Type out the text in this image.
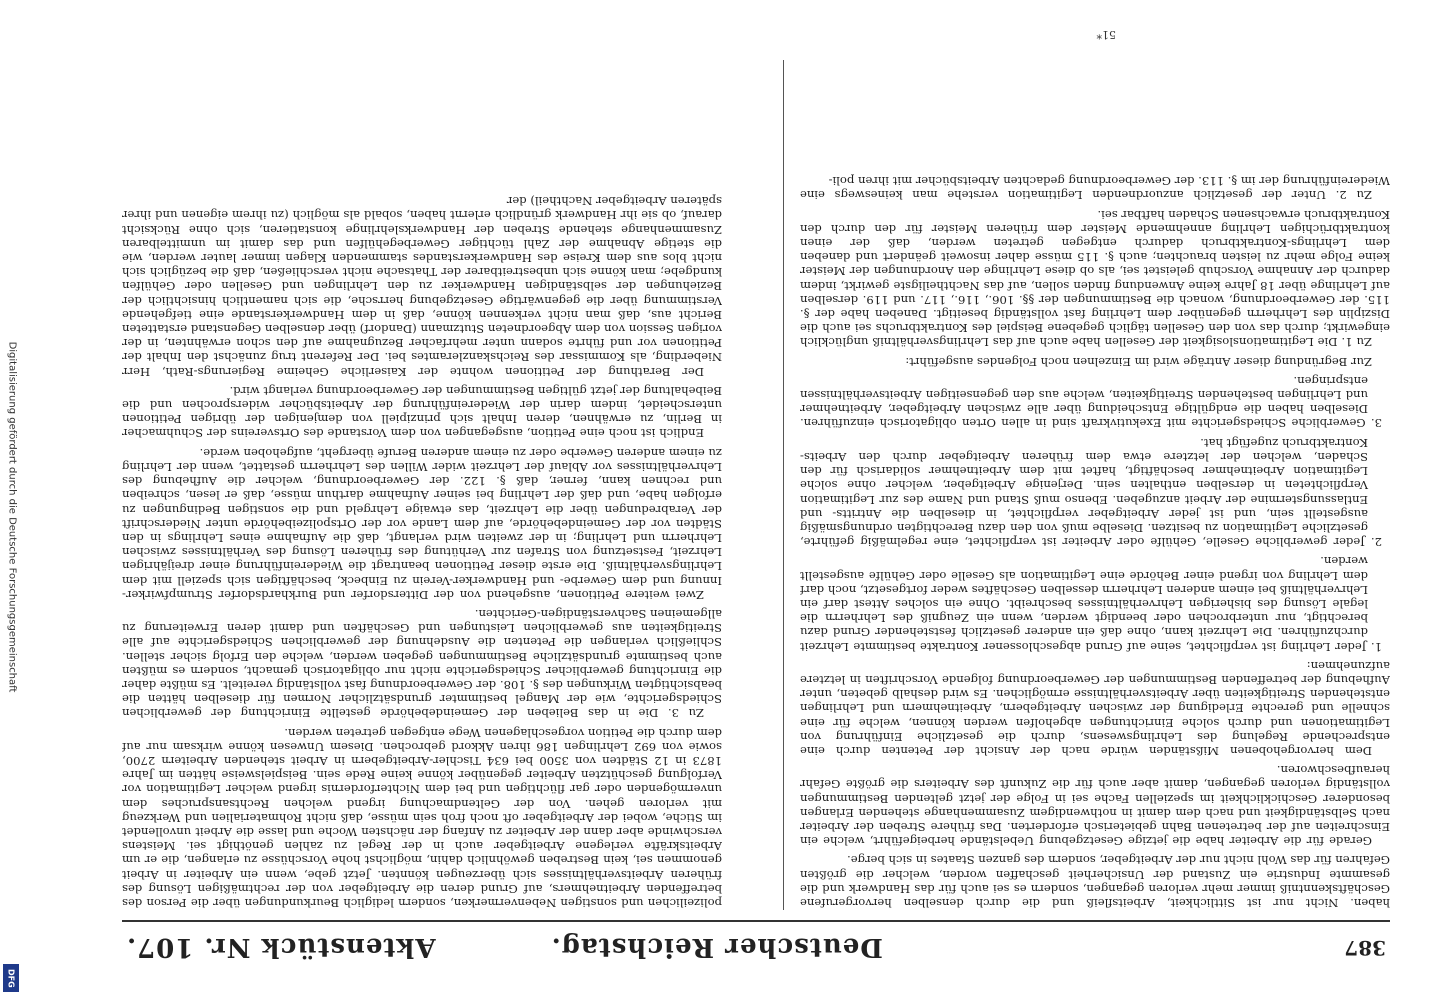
Digitalisierung gefördert durch die Deutsche Forschungsgemeinschaft
DFG
387
Deutscher Reichstag.
Aktenstück Nr. 107.

haben. Nicht nur ist Sittlichkeit, Arbeitsfleiß und die durch denselben hervorgerufene Geschäftskenntniß immer mehr verloren gegangen, sondern es sei auch für das Handwerk und die gesammte Industrie ein Zustand der Unsicherheit geschaffen worden, welcher die größten Gefahren für das Wohl nicht nur der Arbeitgeber, sondern des ganzen Staates in sich berge.

Gerade für die Arbeiter habe die jetzige Gesetzgebung Uebelstände herbeigeführt, welche ein Einschreiten auf der betretenen Bahn gebieterisch erforderten. Das frühere Streben der Arbeiter nach Selbständigkeit und nach dem damit in nothwendigem Zusammenhange stehenden Erlangen besonderer Geschicklichkeit im speziellen Fache sei in Folge der jetzt geltenden Bestimmungen vollständig verloren gegangen, damit aber auch für die Zukunft des Arbeiters die größte Gefahr heraufbeschworen.

Dem hervorgehobenen Mißständen würde nach der Ansicht der Petenten durch eine entsprechende Regelung des Lehrlingswesens, durch die gesetzliche Einführung von Legitimationen und durch solche Einrichtungen abgeholfen werden können, welche für eine schnelle und gerechte Erledigung der zwischen Arbeitgebern, Arbeitnehmern und Lehrlingen entstehenden Streitigkeiten über Arbeitsverhältnisse ermöglichen. Es wird deshalb gebeten, unter Aufhebung der betreffenden Bestimmungen der Gewerbeordnung folgende Vorschriften in letztere aufzunehmen:

1. Jeder Lehrling ist verpflichtet, seine auf Grund abgeschlossener Kontrakte bestimmte Lehrzeit durchzuführen. Die Lehrzeit kann, ohne daß ein anderer gesetzlich feststehender Grund dazu berechtigt, nur unterbrochen oder beendigt werden, wenn ein Zeugniß des Lehrherrn die legale Lösung des bisherigen Lehrverhältnisses beschreibt. Ohne ein solches Attest darf ein Lehrverhältniß bei einem anderen Lehrherrn desselben Geschäftes weder fortgesetzt, noch darf dem Lehrling von irgend einer Behörde eine Legitimation als Geselle oder Gehülfe ausgestellt werden.

2. Jeder gewerbliche Geselle, Gehülfe oder Arbeiter ist verpflichtet, eine regelmäßig geführte, gesetzliche Legitimation zu besitzen. Dieselbe muß von den dazu Berechtigten ordnungsmäßig ausgestellt sein, und ist jeder Arbeitgeber verpflichtet, in dieselben die Antritts- und Entlassungstermine der Arbeit anzugeben. Ebenso muß Stand und Name des zur Legitimation Verpflichteten in derselben enthalten sein. Derjenige Arbeitgeber, welcher ohne solche Legitimation Arbeitnehmer beschäftigt, haftet mit dem Arbeitnehmer solidarisch für den Schaden, welchen der letztere etwa dem früheren Arbeitgeber durch den Arbeits-Kontraktbruch zugefügt hat.

3. Gewerbliche Schiedsgerichte mit Exekutivkraft sind in allen Orten obligatorisch einzuführen. Dieselben haben die endgültige Entscheidung über alle zwischen Arbeitgeber, Arbeitnehmer und Lehrlingen bestehenden Streitigkeiten, welche aus den gegenseitigen Arbeitsverhältnissen entspringen.

Zur Begründung dieser Anträge wird im Einzelnen noch Folgendes ausgeführt:

Zu 1. Die Legitimationslosigkeit der Gesellen habe auch auf das Lehrlingsverhältniß unglücklich eingewirkt; durch das von den Gesellen täglich gegebene Beispiel des Kontraktbruchs sei auch die Disziplin des Lehrherrn gegenüber dem Lehrling fast vollständig beseitigt. Daneben habe der §. 115. der Gewerbeordnung, wonach die Bestimmungen der §§. 106., 116., 117. und 119. derselben auf Lehrlinge über 18 Jahre keine Anwendung finden sollen, auf das Nachtheiligste gewirkt, indem dadurch der Annahme Vorschub geleistet sei, als ob diese Lehrlinge den Anordnungen der Meister keine Folge mehr zu leisten brauchten; auch §. 115 müsse daher insoweit geändert und daneben dem Lehrlings-Kontraktbruch dadurch entgegen getreten werden, daß der einen kontraktbrüchigen Lehrling annehmende Meister dem früheren Meister für den durch den Kontraktbruch erwachsenen Schaden haftbar sei.

Zu 2. Unter der gesetzlich anzuordnenden Legitimation verstehe man keineswegs eine Wiedereinführung der im §. 113. der Gewerbeordnung gedachten Arbeitsbücher mit ihren poli-

polizeilichen und sonstigen Nebenvermerken, sondern lediglich Beurkundungen über die Person des betreffenden Arbeitnehmers, auf Grund deren die Arbeitgeber von der rechtmäßigen Lösung des früheren Arbeitsverhältnisses sich überzeugen könnten. Jetzt gebe, wenn ein Arbeiter in Arbeit genommen sei, kein Bestreben gewöhnlich dahin, möglichst hohe Vorschüsse zu erlangen, die er um Arbeitskräfte verlegene Arbeitgeber auch in der Regel zu zahlen genöthigt sei. Meistens verschwinde aber dann der Arbeiter zu Anfang der nächsten Woche und lasse die Arbeit unvollendet im Stiche, wobei der Arbeitgeber oft noch froh sein müsse, daß nicht Rohmaterialien und Werkzeug mit verloren gehen. Von der Geltendmachung irgend welchen Rechtsanspruches dem unvermögenden oder gar flüchtigen und bei dem Nichterfordernis irgend welcher Legitimation vor Verfolgung geschützten Arbeiter gegenüber könne keine Rede sein. Beispielsweise hätten im Jahre 1873 in 12 Städten von 3500 bei 634 Tischler-Arbeitgebern in Arbeit stehenden Arbeitern 2700, sowie von 692 Lehrlingen 186 ihren Akkord gebrochen. Diesem Unwesen könne wirksam nur auf dem durch die Petition vorgeschlagenen Wege entgegen getreten werden.

Zu 3. Die in das Belieben der Gemeindebehörde gestellte Einrichtung der gewerblichen Schiedsgerichte, wie der Mangel bestimmter grundsätzlicher Normen für dieselben hätten die beabsichtigten Wirkungen des §. 108. der Gewerbeordnung fast vollständig vereitelt. Es müßte daher die Einrichtung gewerblicher Schiedsgerichte nicht nur obligatorisch gemacht, sondern es müßten auch bestimmte grundsätzliche Bestimmungen gegeben werden, welche den Erfolg sicher stellen. Schließlich verlangen die Petenten die Ausdehnung der gewerblichen Schiedsgerichte auf alle Streitigkeiten aus gewerblichen Leistungen und Geschäften und damit deren Erweiterung zu allgemeinen Sachverständigen-Gerichten.

Zwei weitere Petitionen, ausgehend von der Dittersdorfer und Burkhardsdorfer Strumpfwirker-Innung und dem Gewerbe- und Handwerker-Verein zu Einbeck, beschäftigen sich speziell mit dem Lehrlingsverhältniß. Die erste dieser Petitionen beantragt die Wiedereinführung einer dreijährigen Lehrzeit, Festsetzung von Strafen zur Verhütung des früheren Lösung des Verhältnisses zwischen Lehrherrn und Lehrling; in der zweiten wird verlangt, daß die Aufnahme eines Lehrlings in den Städten vor der Gemeindebehörde, auf dem Lande vor der Ortspolizeibehörde unter Niederschrift der Verabredungen über die Lehrzeit, das etwaige Lehrgeld und die sonstigen Bedingungen zu erfolgen habe, und daß der Lehrling bei seiner Aufnahme darthun müsse, daß er lesen, schreiben und rechnen kann, ferner, daß §. 122. der Gewerbeordnung, welcher die Aufhebung des Lehrverhältnisses vor Ablauf der Lehrzeit wider Willen des Lehrherrn gestattet, wenn der Lehrling zu einem anderen Gewerbe oder zu einem anderen Berufe übergeht, aufgehoben werde.

Endlich ist noch eine Petition, ausgegangen von dem Vorstande des Ortsvereins der Schuhmacher in Berlin, zu erwähnen, deren Inhalt sich prinzipiell von demjenigen der übrigen Petitionen unterscheidet, indem darin der Wiedereinführung der Arbeitsbücher widersprochen und die Beibehaltung der jetzt gültigen Bestimmungen der Gewerbeordnung verlangt wird.

Der Berathung der Petitionen wohnte der Kaiserliche Geheime Regierungs-Rath, Herr Nieberding, als Kommissar des Reichskanzleramtes bei. Der Referent trug zunächst den Inhalt der Petitionen vor und führte sodann unter mehrfacher Bezugnahme auf den schon erwähnten, in der vorigen Session von dem Abgeordneten Stutzmann (Dandorf) über denselben Gegenstand erstatteten Bericht aus, daß man nicht verkennen könne, daß in dem Handwerkerstande eine tiefgehende Verstimmung über die gegenwärtige Gesetzgebung herrsche, die sich namentlich hinsichtlich der Beziehungen der selbständigen Handwerker zu den Lehrlingen und Gesellen oder Gehülfen kundgebe; man könne sich unbestreitbarer der Thatsache nicht verschließen, daß die bezüglich sich nicht blos aus dem Kreise des Handwerkerstandes stammenden Klagen immer lauter werden, wie die stetige Abnahme der Zahl tüchtiger Gewerbegehülfen und das damit im unmittelbaren Zusammenhange stehende Streben der Handwerkslehrlinge konstatieren, sich ohne Rücksicht darauf, ob sie ihr Handwerk gründlich erlernt haben, sobald als möglich (zu ihrem eigenen und ihrer späteren Arbeitgeber Nachtheil) der

51*
